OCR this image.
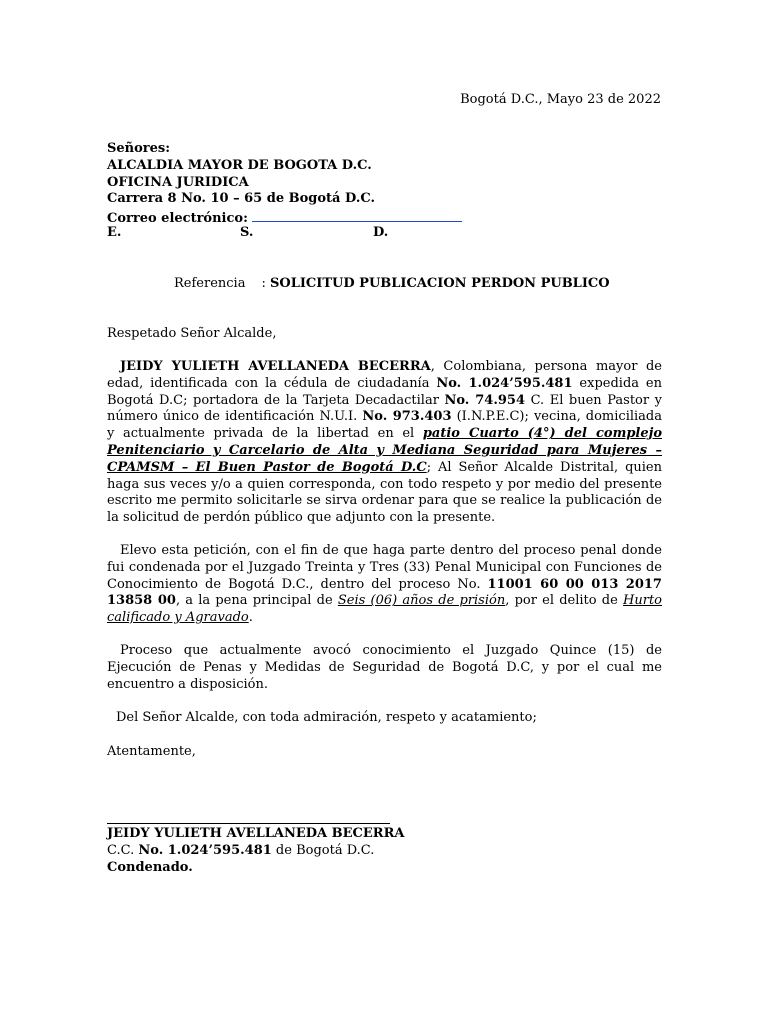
Bogotá D.C., Mayo 23 de 2022
Señores:
ALCALDIA MAYOR DE BOGOTA D.C.
OFICINA JURIDICA
Carrera 8 No. 10 – 65 de Bogotá D.C.
Correo electrónico:
E.	S.	D.
Referencia : SOLICITUD PUBLICACION PERDON PUBLICO
Respetado Señor Alcalde,
JEIDY YULIETH AVELLANEDA BECERRA, Colombiana, persona mayor de edad, identificada con la cédula de ciudadanía No. 1.024’595.481 expedida en Bogotá D.C; portadora de la Tarjeta Decadactilar No. 74.954 C. El buen Pastor y número único de identificación N.U.I. No. 973.403 (I.N.P.E.C); vecina, domiciliada y actualmente privada de la libertad en el patio Cuarto (4°) del complejo Penitenciario y Carcelario de Alta y Mediana Seguridad para Mujeres – CPAMSM – El Buen Pastor de Bogotá D.C; Al Señor Alcalde Distrital, quien haga sus veces y/o a quien corresponda, con todo respeto y por medio del presente escrito me permito solicitarle se sirva ordenar para que se realice la publicación de la solicitud de perdón público que adjunto con la presente.
Elevo esta petición, con el fin de que haga parte dentro del proceso penal donde fui condenada por el Juzgado Treinta y Tres (33) Penal Municipal con Funciones de Conocimiento de Bogotá D.C., dentro del proceso No. 11001 60 00 013 2017 13858 00, a la pena principal de Seis (06) años de prisión, por el delito de Hurto calificado y Agravado.
Proceso que actualmente avocó conocimiento el Juzgado Quince (15) de Ejecución de Penas y Medidas de Seguridad de Bogotá D.C, y por el cual me encuentro a disposición.
Del Señor Alcalde, con toda admiración, respeto y acatamiento;
Atentamente,
JEIDY YULIETH AVELLANEDA BECERRA
C.C. No. 1.024’595.481 de Bogotá D.C.
Condenado.
